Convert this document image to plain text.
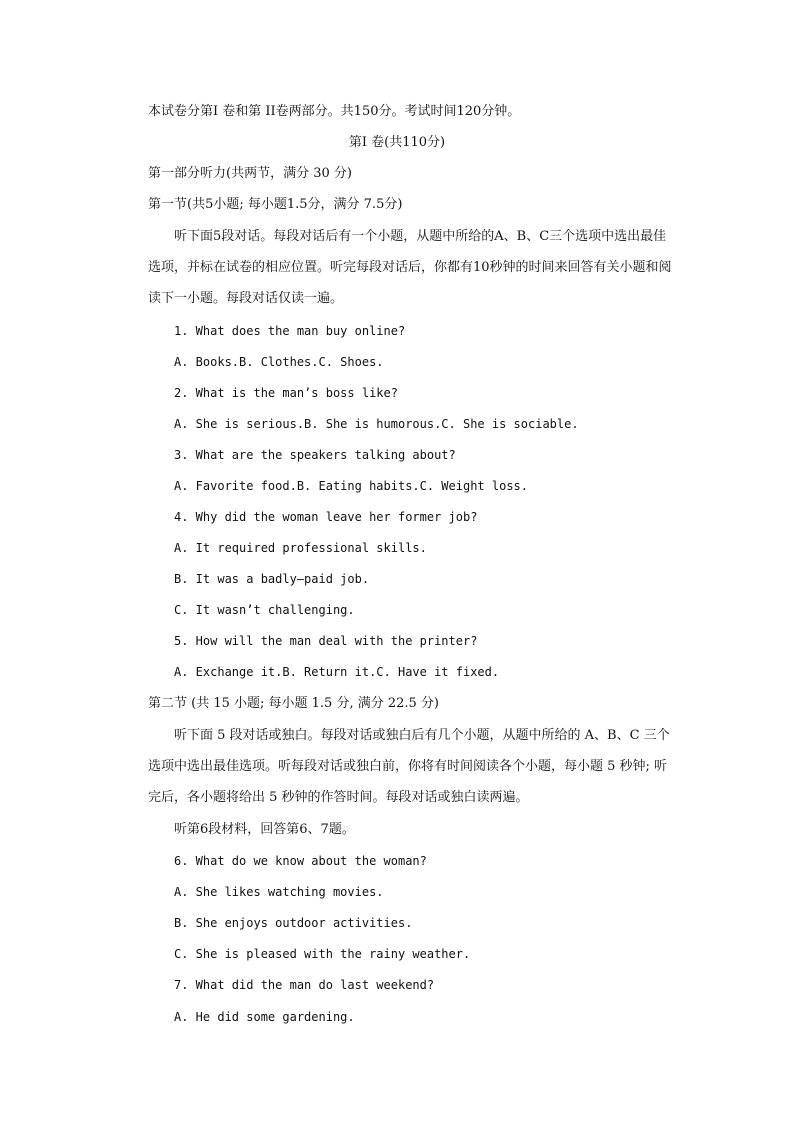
本试卷分第Ⅰ 卷和第 II卷两部分。共150分。考试时间120分钟。
第Ⅰ 卷(共110分)
第一部分听力(共两节，满分 30 分)
第一节(共5小题; 每小题1.5分，满分 7.5分)

听下面5段对话。每段对话后有一个小题，从题中所给的A、B、C三个选项中选出最佳选项，并标在试卷的相应位置。听完每段对话后，你都有10秒钟的时间来回答有关小题和阅读下一小题。每段对话仅读一遍。

1. What does the man buy online?
A. Books.B. Clothes.C. Shoes.
2. What is the man’s boss like?
A. She is serious.B. She is humorous.C. She is sociable.
3. What are the speakers talking about?
A. Favorite food.B. Eating habits.C. Weight loss.
4. Why did the woman leave her former job?
A. It required professional skills.
B. It was a badly—paid job.
C. It wasn’t challenging.
5. How will the man deal with the printer?
A. Exchange it.B. Return it.C. Have it fixed.
第二节 (共 15 小题; 每小题 1.5 分, 满分 22.5 分)

听下面 5 段对话或独白。每段对话或独白后有几个小题，从题中所给的 A、B、C 三个选项中选出最佳选项。听每段对话或独白前，你将有时间阅读各个小题，每小题 5 秒钟; 听完后，各小题将给出 5 秒钟的作答时间。每段对话或独白读两遍。

听第6段材料，回答第6、7题。
6. What do we know about the woman?
A. She likes watching movies.
B. She enjoys outdoor activities.
C. She is pleased with the rainy weather.
7. What did the man do last weekend?
A. He did some gardening.
